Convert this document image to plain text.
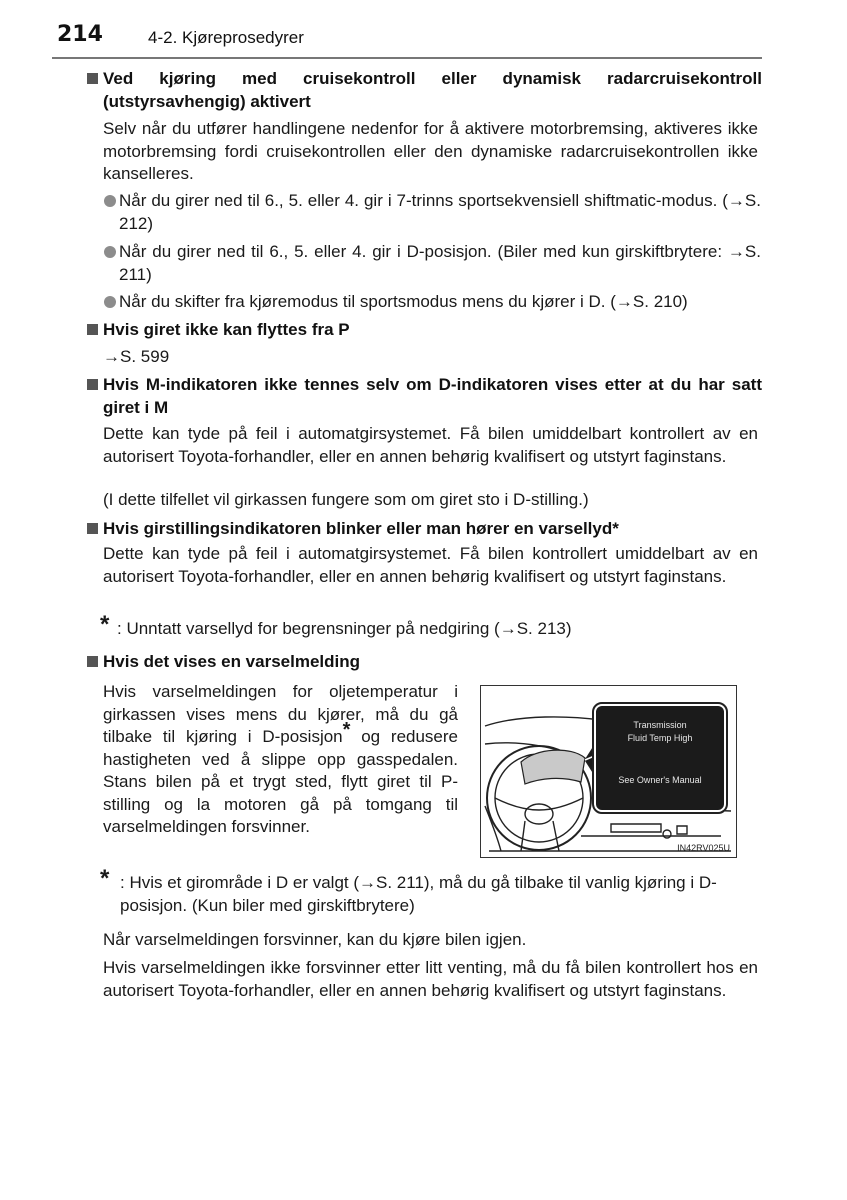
214	4-2. Kjøreprosedyrer
Ved kjøring med cruisekontroll eller dynamisk radarcruisekontroll (utstyrsavhengig) aktivert
Selv når du utfører handlingene nedenfor for å aktivere motorbremsing, aktiveres ikke motorbremsing fordi cruisekontrollen eller den dynamiske radarcruisekontrollen ikke kanselleres.
Når du girer ned til 6., 5. eller 4. gir i 7-trinns sportsekvensiell shiftmatic-modus. (→S. 212)
Når du girer ned til 6., 5. eller 4. gir i D-posisjon. (Biler med kun girskiftbrytere: →S. 211)
Når du skifter fra kjøremodus til sportsmodus mens du kjører i D. (→S. 210)
Hvis giret ikke kan flyttes fra P
→S. 599
Hvis M-indikatoren ikke tennes selv om D-indikatoren vises etter at du har satt giret i M
Dette kan tyde på feil i automatgirsystemet. Få bilen umiddelbart kontrollert av en autorisert Toyota-forhandler, eller en annen behørig kvalifisert og utstyrt faginstans.
(I dette tilfellet vil girkassen fungere som om giret sto i D-stilling.)
Hvis girstillingsindikatoren blinker eller man hører en varsellyd*
Dette kan tyde på feil i automatgirsystemet. Få bilen kontrollert umiddelbart av en autorisert Toyota-forhandler, eller en annen behørig kvalifisert og utstyrt faginstans.
* : Unntatt varsellyd for begrensninger på nedgiring (→S. 213)
Hvis det vises en varselmelding
Hvis varselmeldingen for oljetemperatur i girkassen vises mens du kjører, må du gå tilbake til kjøring i D-posisjon* og redusere hastigheten ved å slippe opp gasspedalen. Stans bilen på et trygt sted, flytt giret til P-stilling og la motoren gå på tomgang til varselmeldingen forsvinner.
Transmission
Fluid Temp High
See Owner's Manual
IN42RV025U
* : Hvis et girområde i D er valgt (→S. 211), må du gå tilbake til vanlig kjøring i D-posisjon. (Kun biler med girskiftbrytere)
Når varselmeldingen forsvinner, kan du kjøre bilen igjen.
Hvis varselmeldingen ikke forsvinner etter litt venting, må du få bilen kontrollert hos en autorisert Toyota-forhandler, eller en annen behørig kvalifisert og utstyrt faginstans.
